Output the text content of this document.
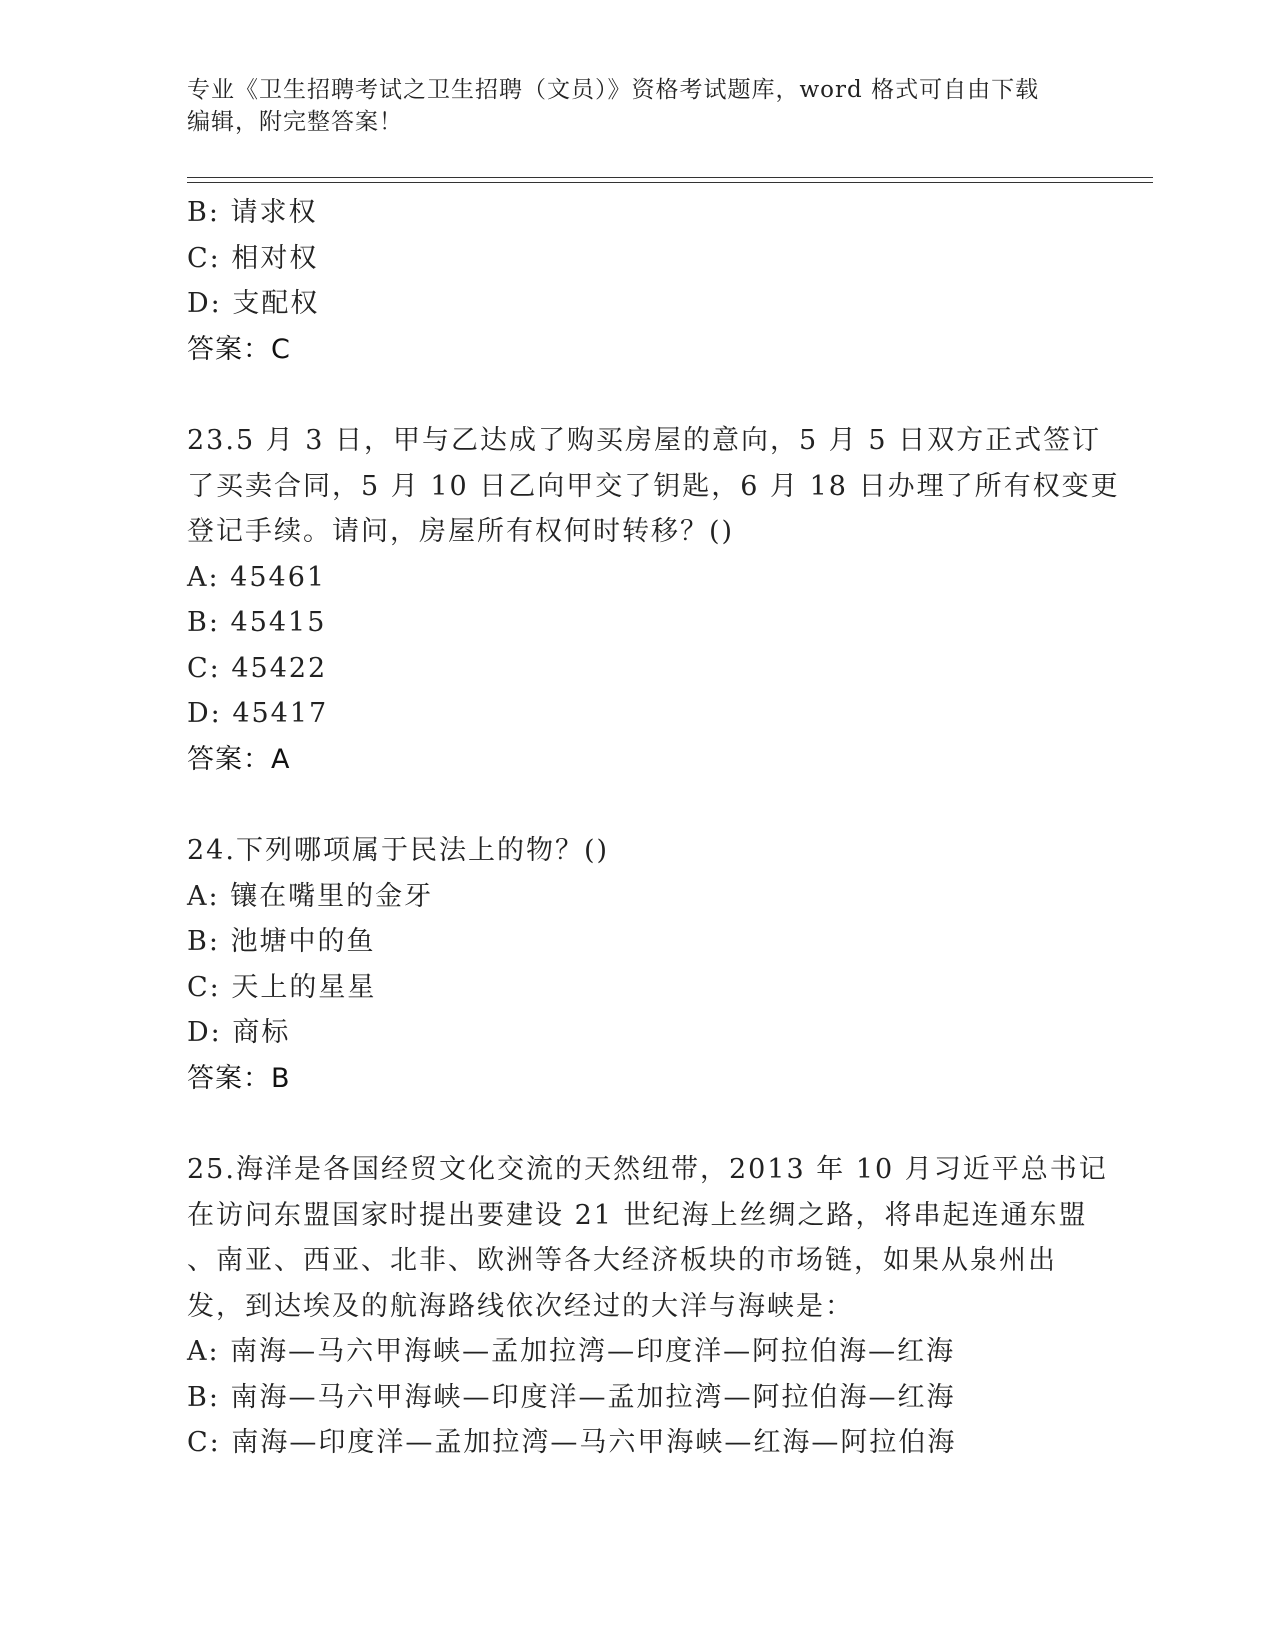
专业《卫生招聘考试之卫生招聘（文员）》资格考试题库，word 格式可自由下载
编辑，附完整答案！
B: 请求权
C: 相对权
D: 支配权
答案：C
23.5 月 3 日，甲与乙达成了购买房屋的意向，5 月 5 日双方正式签订
了买卖合同，5 月 10 日乙向甲交了钥匙，6 月 18 日办理了所有权变更
登记手续。请问，房屋所有权何时转移？()
A: 45461
B: 45415
C: 45422
D: 45417
答案：A
24.下列哪项属于民法上的物？()
A: 镶在嘴里的金牙
B: 池塘中的鱼
C: 天上的星星
D: 商标
答案：B
25.海洋是各国经贸文化交流的天然纽带，2013 年 10 月习近平总书记
在访问东盟国家时提出要建设 21 世纪海上丝绸之路，将串起连通东盟
、南亚、西亚、北非、欧洲等各大经济板块的市场链，如果从泉州出
发，到达埃及的航海路线依次经过的大洋与海峡是：
A: 南海—马六甲海峡—孟加拉湾—印度洋—阿拉伯海—红海
B: 南海—马六甲海峡—印度洋—孟加拉湾—阿拉伯海—红海
C: 南海—印度洋—孟加拉湾—马六甲海峡—红海—阿拉伯海
